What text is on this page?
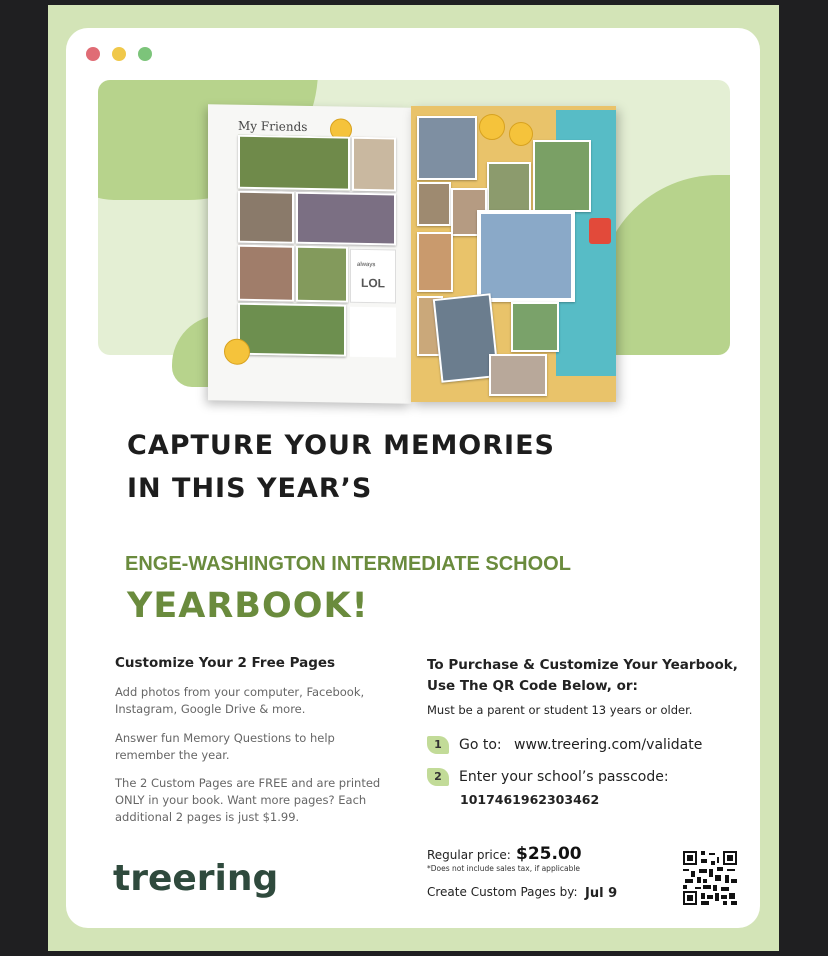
My Friends
always
LOL
CAPTURE YOUR MEMORIES
IN THIS YEAR’S
ENGE-WASHINGTON INTERMEDIATE SCHOOL
YEARBOOK!
Customize Your 2 Free Pages
Add photos from your computer, Facebook, Instagram, Google Drive & more.
Answer fun Memory Questions to help remember the year.
The 2 Custom Pages are FREE and are printed ONLY in your book. Want more pages? Each additional 2 pages is just $1.99.
To Purchase & Customize Your Yearbook, Use The QR Code Below, or:
Must be a parent or student 13 years or older.
1	Go to: www.treering.com/validate
2	Enter your school’s passcode:
1017461962303462
Regular price: $25.00
*Does not include sales tax, if applicable
Create Custom Pages by: Jul 9
treering
